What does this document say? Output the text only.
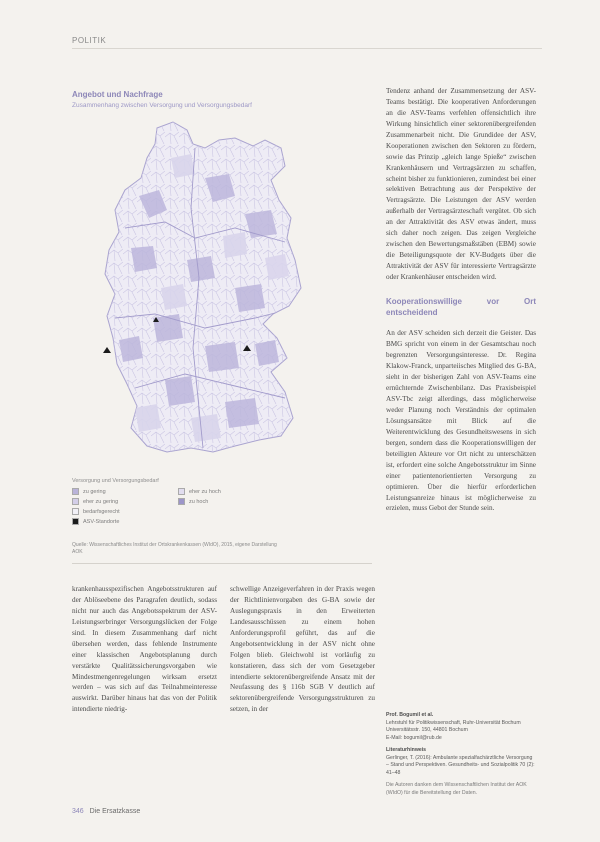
POLITIK
Angebot und Nachfrage
Zusammenhang zwischen Versorgung und Versorgungsbedarf
Versorgung und Versorgungsbedarf
zu gering	eher zu hoch
eher zu gering	zu hoch
bedarfsgerecht
ASV-Standorte
Quelle: Wissenschaftliches Institut der Ortskrankenkassen (WIdO), 2015, eigene Darstellung
AOK

Tendenz anhand der Zusammensetzung der ASV-Teams bestätigt. Die kooperativen Anforderungen an die ASV-Teams verfehlen offensichtlich ihre Wirkung hinsichtlich einer sektorenübergreifenden Zusammenarbeit nicht. Die Grundidee der ASV, Kooperationen zwischen den Sektoren zu fördern, sowie das Prinzip „gleich lange Spieße“ zwischen Krankenhäusern und Vertragsärzten zu schaffen, scheint bisher zu funktionieren, zumindest bei einer selektiven Betrachtung aus der Perspektive der Vertragsärzte. Die Leistungen der ASV werden außerhalb der Vertragsärzteschaft vergütet. Ob sich an der Attraktivität des ASV etwas ändert, muss sich daher noch zeigen. Das zeigen Vergleiche zwischen den Bewertungsmaßstäben (EBM) sowie die Beteiligungsquote der KV-Budgets über die Attraktivität der ASV für interessierte Vertragsärzte oder Krankenhäuser entscheiden wird.

Kooperationswillige vor Ort entscheidend

An der ASV scheiden sich derzeit die Geister. Das BMG spricht von einem in der Gesamtschau noch begrenzten Versorgungsinteresse. Dr. Regina Klakow-Franck, unparteiisches Mitglied des G-BA, sieht in der bisherigen Zahl von ASV-Teams eine ernüchternde Zwischenbilanz. Das Praxisbeispiel ASV-Tbc zeigt allerdings, dass möglicherweise weder Planung noch Verständnis der optimalen Lösungsansätze mit Blick auf die Weiterentwicklung des Gesundheitswesens in sich bergen, sondern dass die Kooperationswilligen der beteiligten Akteure vor Ort nicht zu unterschätzen ist, erfordert eine solche Angebotsstruktur im Sinne einer patientenorientierten Versorgung zu optimieren. Über die hierfür erforderlichen Leistungsanreize hinaus ist möglicherweise zu erzielen, muss Gebot der Stunde sein.

Prof. Bogumil et al.
Lehrstuhl für Politikwissenschaft, Ruhr-Universität Bochum
Universitätsstr. 150, 44801 Bochum
E-Mail: bogumil@rub.de
Literaturhinweis
Gerlinger, T. (2016): Ambulante spezialfachärztliche Versorgung – Stand und Perspektiven. Gesundheits- und Sozialpolitik 70 (2): 41–48
Die Autoren danken dem Wissenschaftlichen Institut der AOK (WIdO) für die Bereitstellung der Daten.

krankenhausspezifischen Angebotsstrukturen auf der Ablöseebene des Paragrafen deutlich, sodass nicht nur auch das Angebotsspektrum der ASV-Leistungserbringer Versorgungslücken der Folge sind. In diesem Zusammenhang darf nicht übersehen werden, dass fehlende Instrumente einer klassischen Angebotsplanung durch verstärkte Qualitätssicherungsvorgaben wie Mindestmengenregelungen wirksam ersetzt werden – was sich auf das Teilnahmeinteresse auswirkt. Darüber hinaus hat das von der Politik intendierte niedrig-

schwellige Anzeigeverfahren in der Praxis wegen der Richtlinienvorgaben des G-BA sowie der Auslegungspraxis in den Erweiterten Landesausschüssen zu einem hohen Anforderungsprofil geführt, das auf die Angebotsentwicklung in der ASV nicht ohne Folgen blieb. Gleichwohl ist vorläufig zu konstatieren, dass sich der vom Gesetzgeber intendierte sektorenübergreifende Ansatz mit der Neufassung des § 116b SGB V deutlich auf sektorenübergreifende Versorgungsstrukturen zu setzen, in der

346 Die Ersatzkasse
